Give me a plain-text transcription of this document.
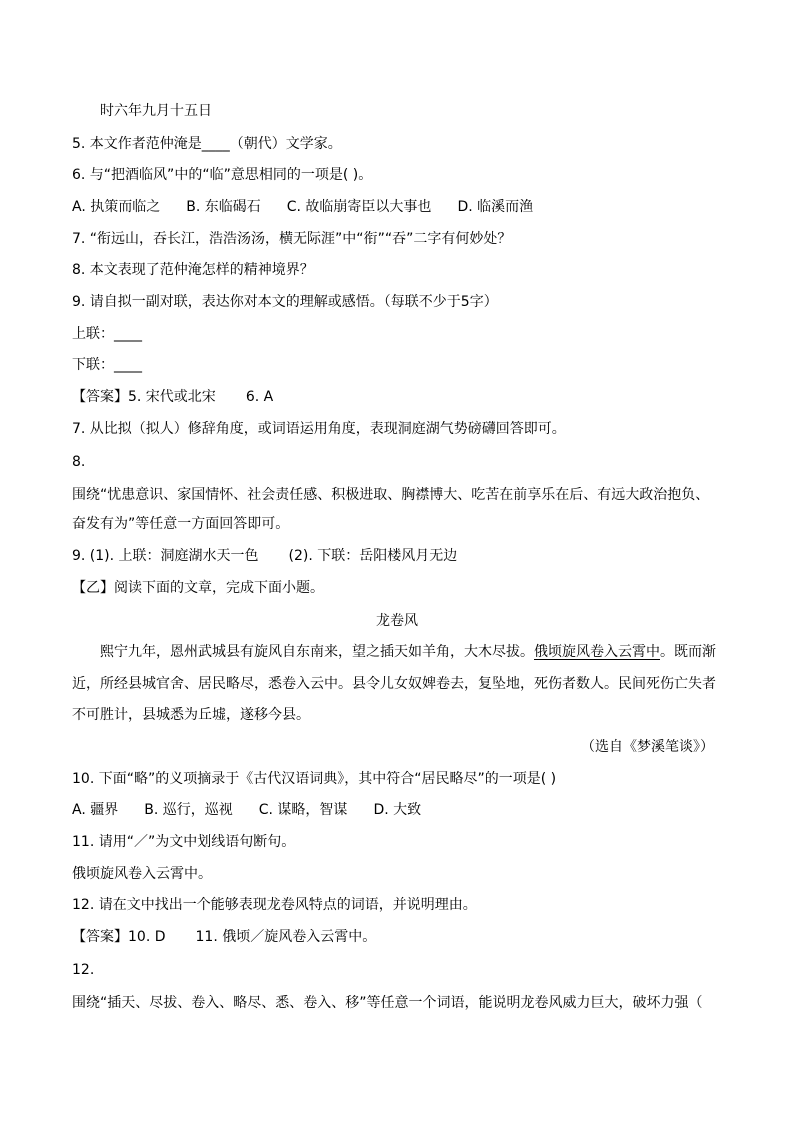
时六年九月十五日
5. 本文作者范仲淹是____（朝代）文学家。
6. 与“把酒临风”中的“临”意思相同的一项是( )。
A. 执策而临之 B. 东临碣石 C. 故临崩寄臣以大事也 D. 临溪而渔
7. “衔远山，吞长江，浩浩汤汤，横无际涯”中“衔”“吞”二字有何妙处？
8. 本文表现了范仲淹怎样的精神境界？
9. 请自拟一副对联，表达你对本文的理解或感悟。（每联不少于5字）
上联：____
下联：____
【答案】5. 宋代或北宋 6. A
7. 从比拟（拟人）修辞角度，或词语运用角度，表现洞庭湖气势磅礴回答即可。
8.
围绕“忧患意识、家国情怀、社会责任感、积极进取、胸襟博大、吃苦在前享乐在后、有远大政治抱负、
奋发有为”等任意一方面回答即可。
9. (1). 上联：洞庭湖水天一色 (2). 下联：岳阳楼风月无边
【乙】阅读下面的文章，完成下面小题。
龙卷风
熙宁九年，恩州武城县有旋风自东南来，望之插天如羊角，大木尽拔。俄顷旋风卷入云霄中。既而渐
近，所经县城官舍、居民略尽，悉卷入云中。县令儿女奴婢卷去，复坠地，死伤者数人。民间死伤亡失者
不可胜计，县城悉为丘墟，遂移今县。
（选自《梦溪笔谈》）
10. 下面“略”的义项摘录于《古代汉语词典》，其中符合“居民略尽”的一项是( )
A. 疆界 B. 巡行，巡视 C. 谋略，智谋 D. 大致
11. 请用“／”为文中划线语句断句。
俄顷旋风卷入云霄中。
12. 请在文中找出一个能够表现龙卷风特点的词语，并说明理由。
【答案】10. D 11. 俄顷／旋风卷入云霄中。
12.
围绕“插天、尽拔、卷入、略尽、悉、卷入、移”等任意一个词语，能说明龙卷风威力巨大，破坏力强（
